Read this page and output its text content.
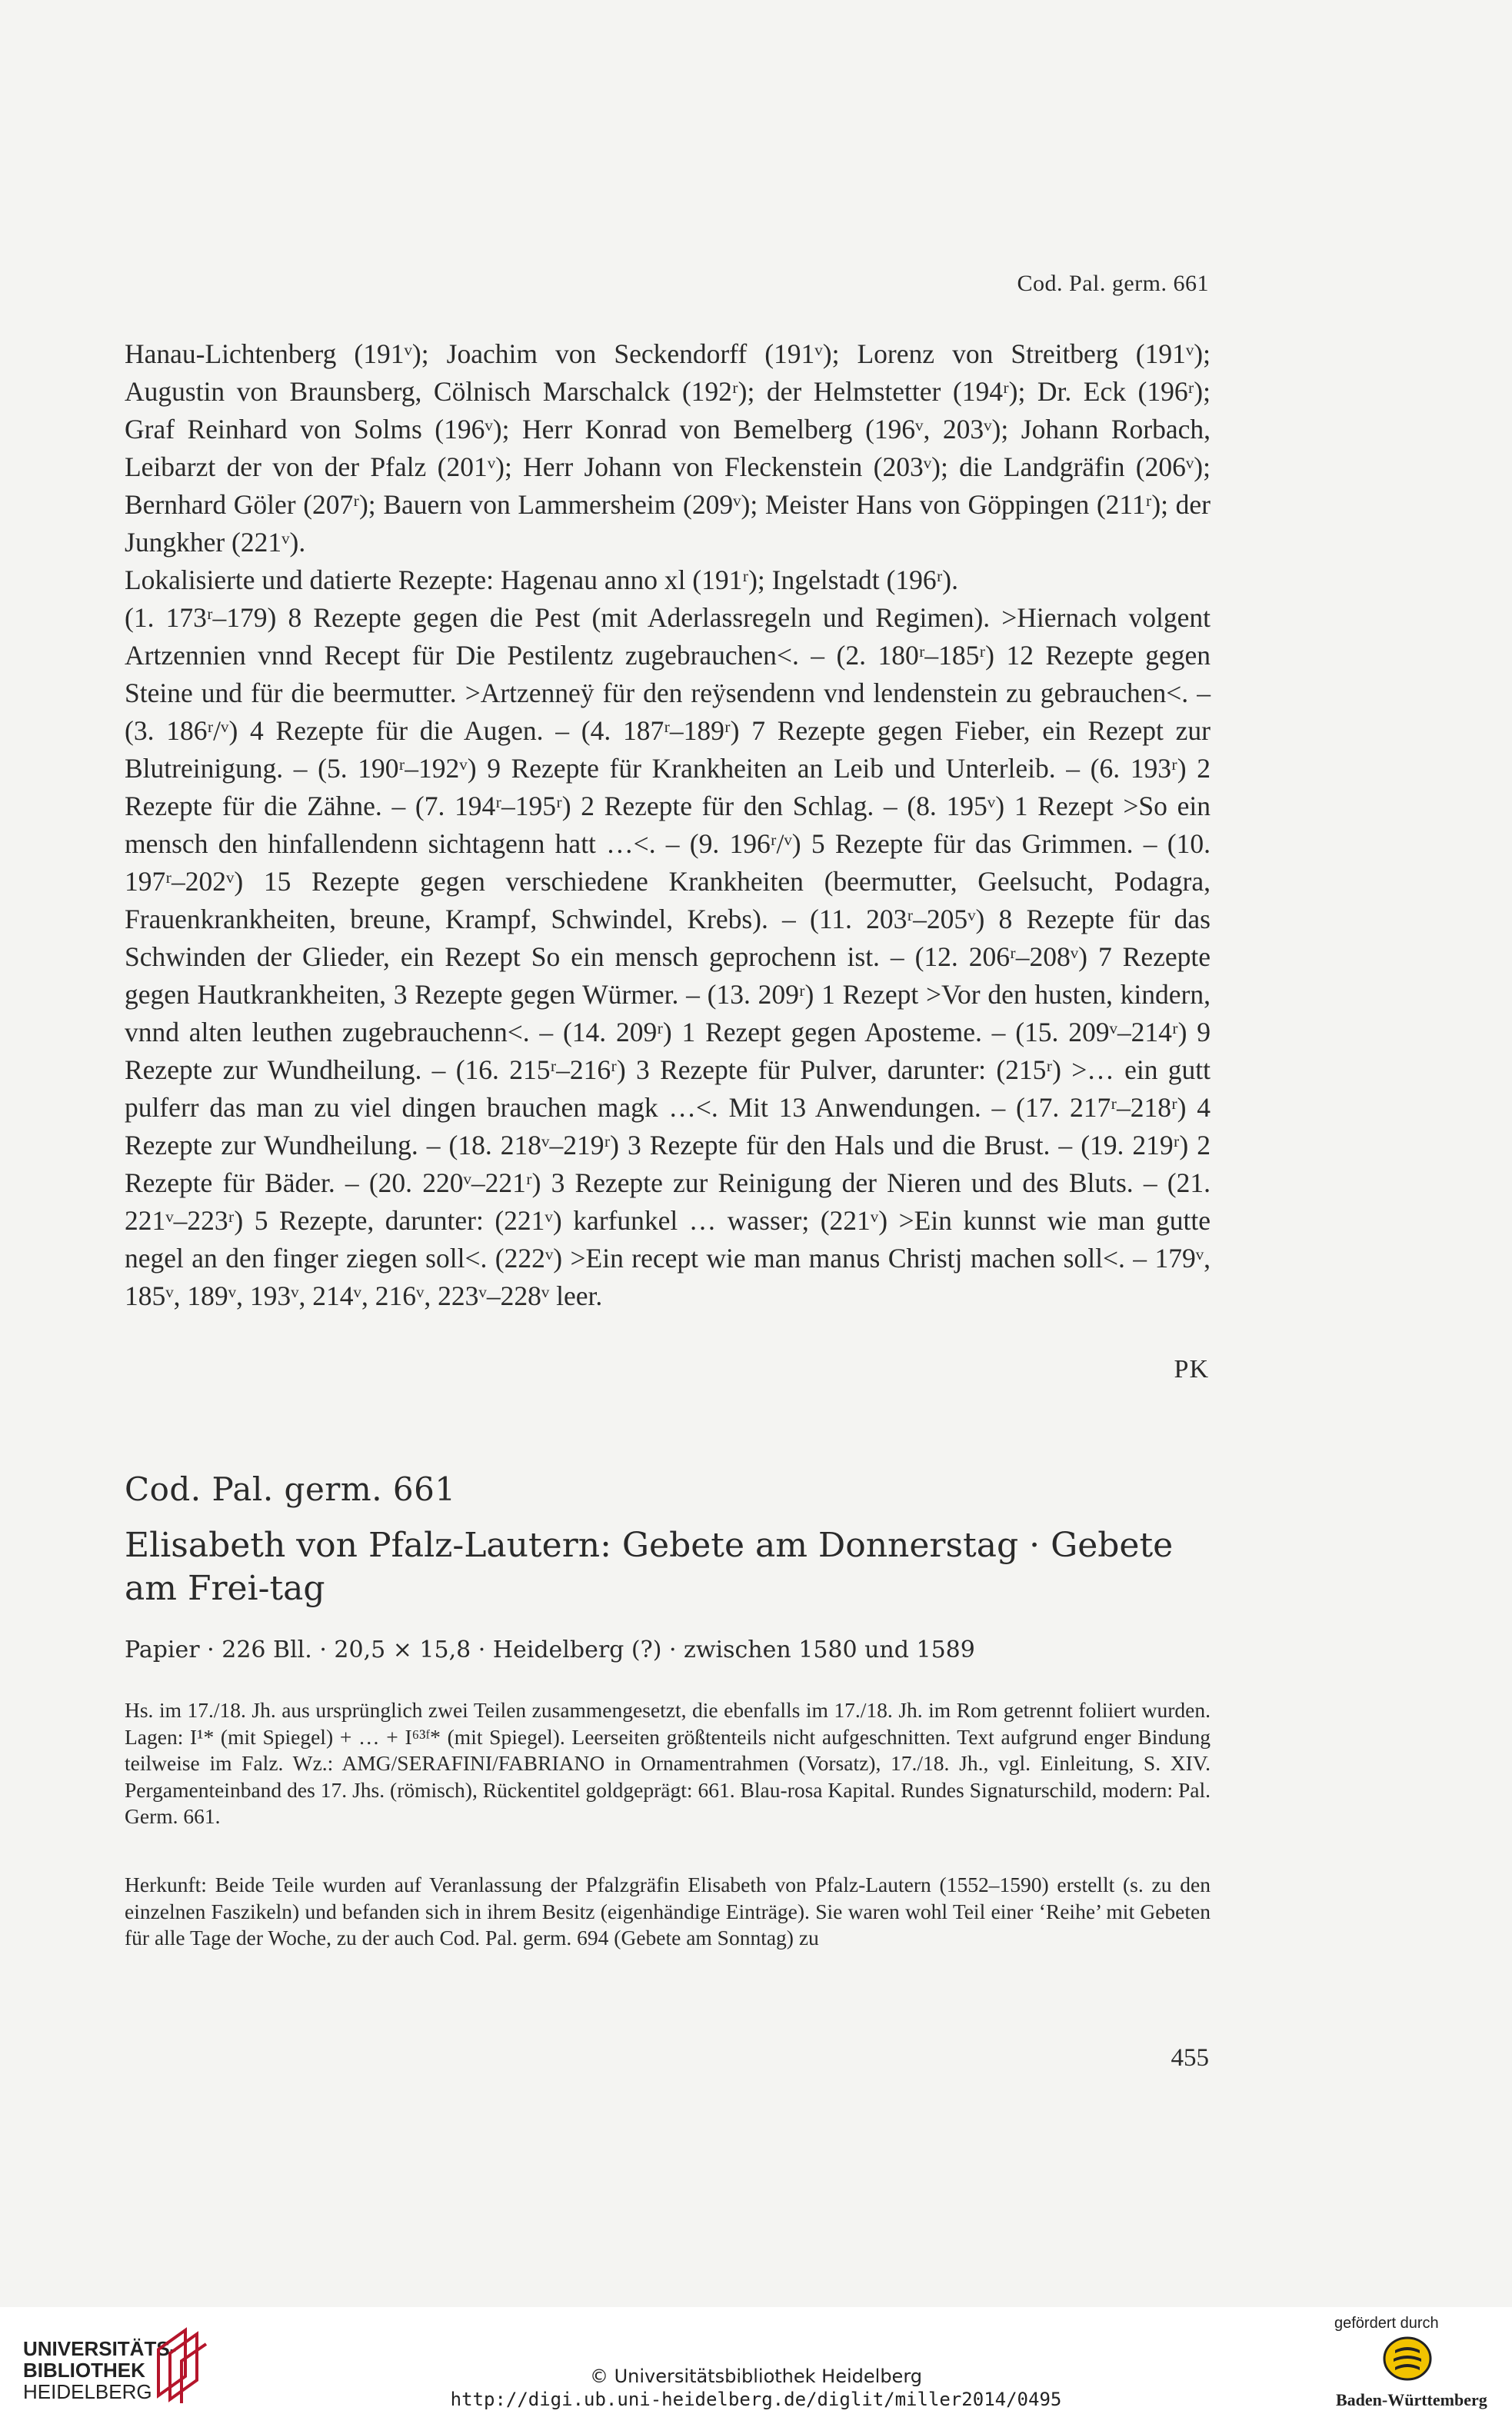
Cod. Pal. germ. 661

Hanau-Lichtenberg (191ᵛ); Joachim von Seckendorff (191ᵛ); Lorenz von Streitberg (191ᵛ); Augustin von Braunsberg, Cölnisch Marschalck (192ʳ); der Helmstetter (194ʳ); Dr. Eck (196ʳ); Graf Reinhard von Solms (196ᵛ); Herr Konrad von Bemelberg (196ᵛ, 203ᵛ); Johann Rorbach, Leibarzt der von der Pfalz (201ᵛ); Herr Johann von Fleckenstein (203ᵛ); die Landgräfin (206ᵛ); Bernhard Göler (207ʳ); Bauern von Lammersheim (209ᵛ); Meister Hans von Göppingen (211ʳ); der Jungkher (221ᵛ).

Lokalisierte und datierte Rezepte: Hagenau anno xl (191ʳ); Ingelstadt (196ʳ).

(1. 173ʳ–179) 8 Rezepte gegen die Pest (mit Aderlassregeln und Regimen). >Hiernach volgent Artzennien vnnd Recept für Die Pestilentz zugebrauchen<. – (2. 180ʳ–185ʳ) 12 Rezepte gegen Steine und für die beermutter. >Artzenneÿ für den reÿsendenn vnd lendenstein zu gebrauchen<. – (3. 186ʳ/ᵛ) 4 Rezepte für die Augen. – (4. 187ʳ–189ʳ) 7 Rezepte gegen Fieber, ein Rezept zur Blutreinigung. – (5. 190ʳ–192ᵛ) 9 Rezepte für Krankheiten an Leib und Unterleib. – (6. 193ʳ) 2 Rezepte für die Zähne. – (7. 194ʳ–195ʳ) 2 Rezepte für den Schlag. – (8. 195ᵛ) 1 Rezept >So ein mensch den hinfallendenn sichtagenn hatt …<. – (9. 196ʳ/ᵛ) 5 Rezepte für das Grimmen. – (10. 197ʳ–202ᵛ) 15 Rezepte gegen verschiedene Krankheiten (beermutter, Geelsucht, Podagra, Frauenkrankheiten, breune, Krampf, Schwindel, Krebs). – (11. 203ʳ–205ᵛ) 8 Rezepte für das Schwinden der Glieder, ein Rezept So ein mensch geprochenn ist. – (12. 206ʳ–208ᵛ) 7 Rezepte gegen Hautkrankheiten, 3 Rezepte gegen Würmer. – (13. 209ʳ) 1 Rezept >Vor den husten, kindern, vnnd alten leuthen zugebrauchenn<. – (14. 209ʳ) 1 Rezept gegen Aposteme. – (15. 209ᵛ–214ʳ) 9 Rezepte zur Wundheilung. – (16. 215ʳ–216ʳ) 3 Rezepte für Pulver, darunter: (215ʳ) >… ein gutt pulferr das man zu viel dingen brauchen magk …<. Mit 13 Anwendungen. – (17. 217ʳ–218ʳ) 4 Rezepte zur Wundheilung. – (18. 218ᵛ–219ʳ) 3 Rezepte für den Hals und die Brust. – (19. 219ʳ) 2 Rezepte für Bäder. – (20. 220ᵛ–221ʳ) 3 Rezepte zur Reinigung der Nieren und des Bluts. – (21. 221ᵛ–223ʳ) 5 Rezepte, darunter: (221ᵛ) karfunkel … wasser; (221ᵛ) >Ein kunnst wie man gutte negel an den finger ziegen soll<. (222ᵛ) >Ein recept wie man manus Christj machen soll<. – 179ᵛ, 185ᵛ, 189ᵛ, 193ᵛ, 214ᵛ, 216ᵛ, 223ᵛ–228ᵛ leer.

PK
Cod. Pal. germ. 661
Elisabeth von Pfalz-Lautern: Gebete am Donnerstag · Gebete am Frei-tag
Papier · 226 Bll. · 20,5 × 15,8 · Heidelberg (?) · zwischen 1580 und 1589
Hs. im 17./18. Jh. aus ursprünglich zwei Teilen zusammengesetzt, die ebenfalls im 17./18. Jh. im Rom getrennt foliiert wurden. Lagen: I¹* (mit Spiegel) + … + I⁶³ᶠ* (mit Spiegel). Leerseiten größtenteils nicht aufgeschnitten. Text aufgrund enger Bindung teilweise im Falz. Wz.: AMG/SERAFINI/FABRIANO in Ornamentrahmen (Vorsatz), 17./18. Jh., vgl. Einleitung, S. XIV. Pergamenteinband des 17. Jhs. (römisch), Rückentitel goldgeprägt: 661. Blau-rosa Kapital. Rundes Signaturschild, modern: Pal. Germ. 661.
Herkunft: Beide Teile wurden auf Veranlassung der Pfalzgräfin Elisabeth von Pfalz-Lautern (1552–1590) erstellt (s. zu den einzelnen Faszikeln) und befanden sich in ihrem Besitz (eigenhändige Einträge). Sie waren wohl Teil einer ‘Reihe’ mit Gebeten für alle Tage der Woche, zu der auch Cod. Pal. germ. 694 (Gebete am Sonntag) zu
455
UNIVERSITÄTS-
BIBLIOTHEK
HEIDELBERG
© Universitätsbibliothek Heidelberg
http://digi.ub.uni-heidelberg.de/diglit/miller2014/0495
gefördert durch
Baden-Württemberg
